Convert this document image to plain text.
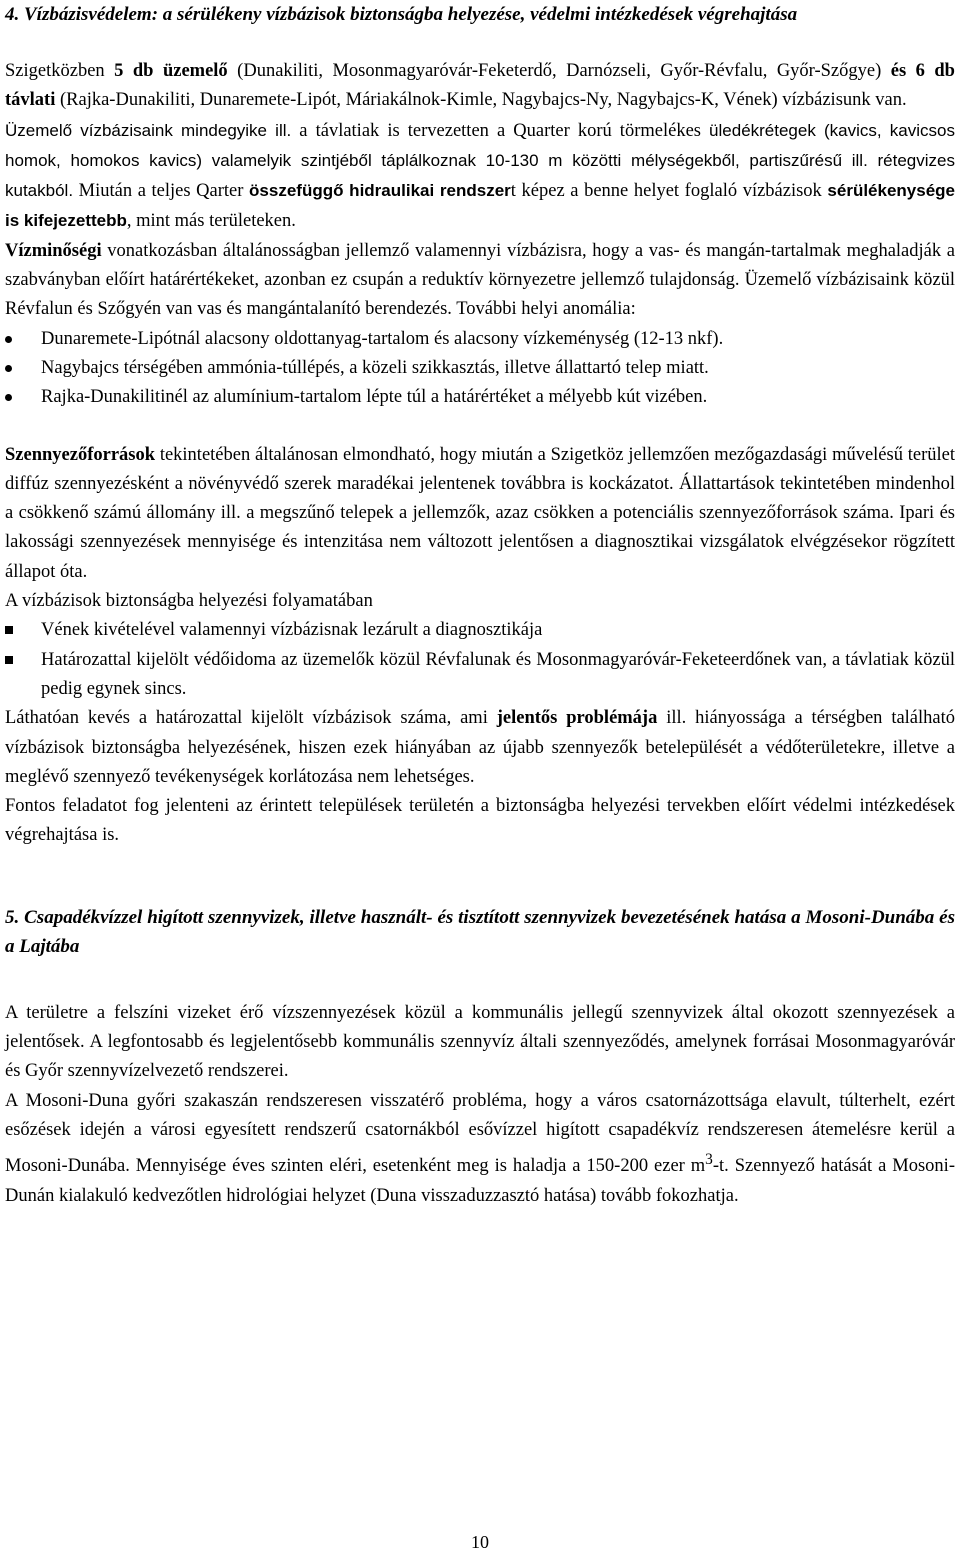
4. Vízbázisvédelem: a sérülékeny vízbázisok biztonságba helyezése, védelmi intézkedések végrehajtása

Szigetközben 5 db üzemelő (Dunakiliti, Mosonmagyaróvár-Feketerdő, Darnózseli, Győr-Révfalu, Győr-Szőgye) és 6 db távlati (Rajka-Dunakiliti, Dunaremete-Lipót, Máriakálnok-Kimle, Nagybajcs-Ny, Nagybajcs-K, Vének) vízbázisunk van.

Üzemelő vízbázisaink mindegyike ill. a távlatiak is tervezetten a Quarter korú törmelékes üledékrétegek (kavics, kavicsos homok, homokos kavics) valamelyik szintjéből táplálkoznak 10-130 m közötti mélységekből, partiszűrésű ill. rétegvizes kutakból. Miután a teljes Qarter összefüggő hidraulikai rendszert képez a benne helyet foglaló vízbázisok sérülékenysége is kifejezettebb, mint más területeken.

Vízminőségi vonatkozásban általánosságban jellemző valamennyi vízbázisra, hogy a vas- és mangán-tartalmak meghaladják a szabványban előírt határértékeket, azonban ez csupán a reduktív környezetre jellemző tulajdonság. Üzemelő vízbázisaink közül Révfalun és Szőgyén van vas és mangántalanító berendezés. További helyi anomália:

Dunaremete-Lipótnál alacsony oldottanyag-tartalom és alacsony vízkeménység (12-13 nkf).
Nagybajcs térségében ammónia-túllépés, a közeli szikkasztás, illetve állattartó telep miatt.
Rajka-Dunakilitinél az alumínium-tartalom lépte túl a határértéket a mélyebb kút vizében.

Szennyezőforrások tekintetében általánosan elmondható, hogy miután a Szigetköz jellemzően mezőgazdasági művelésű terület diffúz szennyezésként a növényvédő szerek maradékai jelentenek továbbra is kockázatot. Állattartások tekintetében mindenhol a csökkenő számú állomány ill. a megszűnő telepek a jellemzők, azaz csökken a potenciális szennyezőforrások száma. Ipari és lakossági szennyezések mennyisége és intenzitása nem változott jelentősen a diagnosztikai vizsgálatok elvégzésekor rögzített állapot óta.

A vízbázisok biztonságba helyezési folyamatában

Vének kivételével valamennyi vízbázisnak lezárult a diagnosztikája
Határozattal kijelölt védőidoma az üzemelők közül Révfalunak és Mosonmagyaróvár-Feketeerdőnek van, a távlatiak közül pedig egynek sincs.

Láthatóan kevés a határozattal kijelölt vízbázisok száma, ami jelentős problémája ill. hiányossága a térségben található vízbázisok biztonságba helyezésének, hiszen ezek hiányában az újabb szennyezők betelepülését a védőterületekre, illetve a meglévő szennyező tevékenységek korlátozása nem lehetséges.

Fontos feladatot fog jelenteni az érintett települések területén a biztonságba helyezési tervekben előírt védelmi intézkedések végrehajtása is.

5. Csapadékvízzel higított szennyvizek, illetve használt- és tisztított szennyvizek bevezetésének hatása a Mosoni-Dunába és a Lajtába

A területre a felszíni vizeket érő vízszennyezések közül a kommunális jellegű szennyvizek által okozott szennyezések a jelentősek. A legfontosabb és legjelentősebb kommunális szennyvíz általi szennyeződés, amelynek forrásai Mosonmagyaróvár és Győr szennyvízelvezető rendszerei.

A Mosoni-Duna győri szakaszán rendszeresen visszatérő probléma, hogy a város csatornázottsága elavult, túlterhelt, ezért esőzések idején a városi egyesített rendszerű csatornákból esővízzel higított csapadékvíz rendszeresen átemelésre kerül a Mosoni-Dunába. Mennyisége éves szinten eléri, esetenként meg is haladja a 150-200 ezer $m^3-t$. Szennyező hatását a Mosoni-Dunán kialakuló kedvezőtlen hidrológiai helyzet (Duna visszaduzzasztó hatása) tovább fokozhatja.

10
